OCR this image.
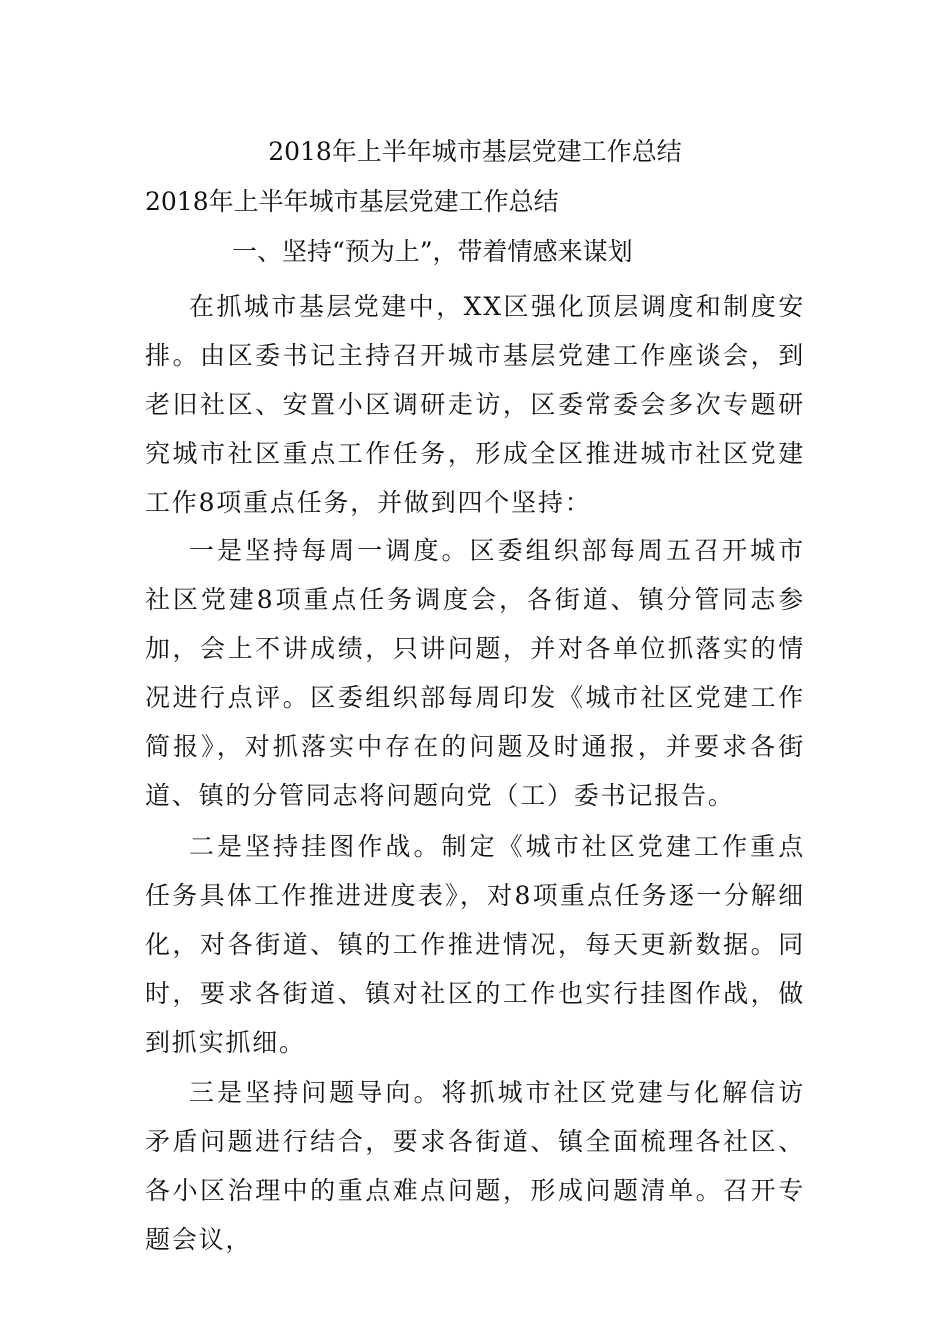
2018年上半年城市基层党建工作总结
2018年上半年城市基层党建工作总结
一、坚持“预为上”，带着情感来谋划
在抓城市基层党建中，XX区强化顶层调度和制度安排。由区委书记主持召开城市基层党建工作座谈会，到老旧社区、安置小区调研走访，区委常委会多次专题研究城市社区重点工作任务，形成全区推进城市社区党建工作8项重点任务，并做到四个坚持：
一是坚持每周一调度。区委组织部每周五召开城市社区党建8项重点任务调度会，各街道、镇分管同志参加，会上不讲成绩，只讲问题，并对各单位抓落实的情况进行点评。区委组织部每周印发《城市社区党建工作简报》，对抓落实中存在的问题及时通报，并要求各街道、镇的分管同志将问题向党（工）委书记报告。
二是坚持挂图作战。制定《城市社区党建工作重点任务具体工作推进进度表》，对8项重点任务逐一分解细化，对各街道、镇的工作推进情况，每天更新数据。同时，要求各街道、镇对社区的工作也实行挂图作战，做到抓实抓细。
三是坚持问题导向。将抓城市社区党建与化解信访矛盾问题进行结合，要求各街道、镇全面梳理各社区、各小区治理中的重点难点问题，形成问题清单。召开专题会议，
